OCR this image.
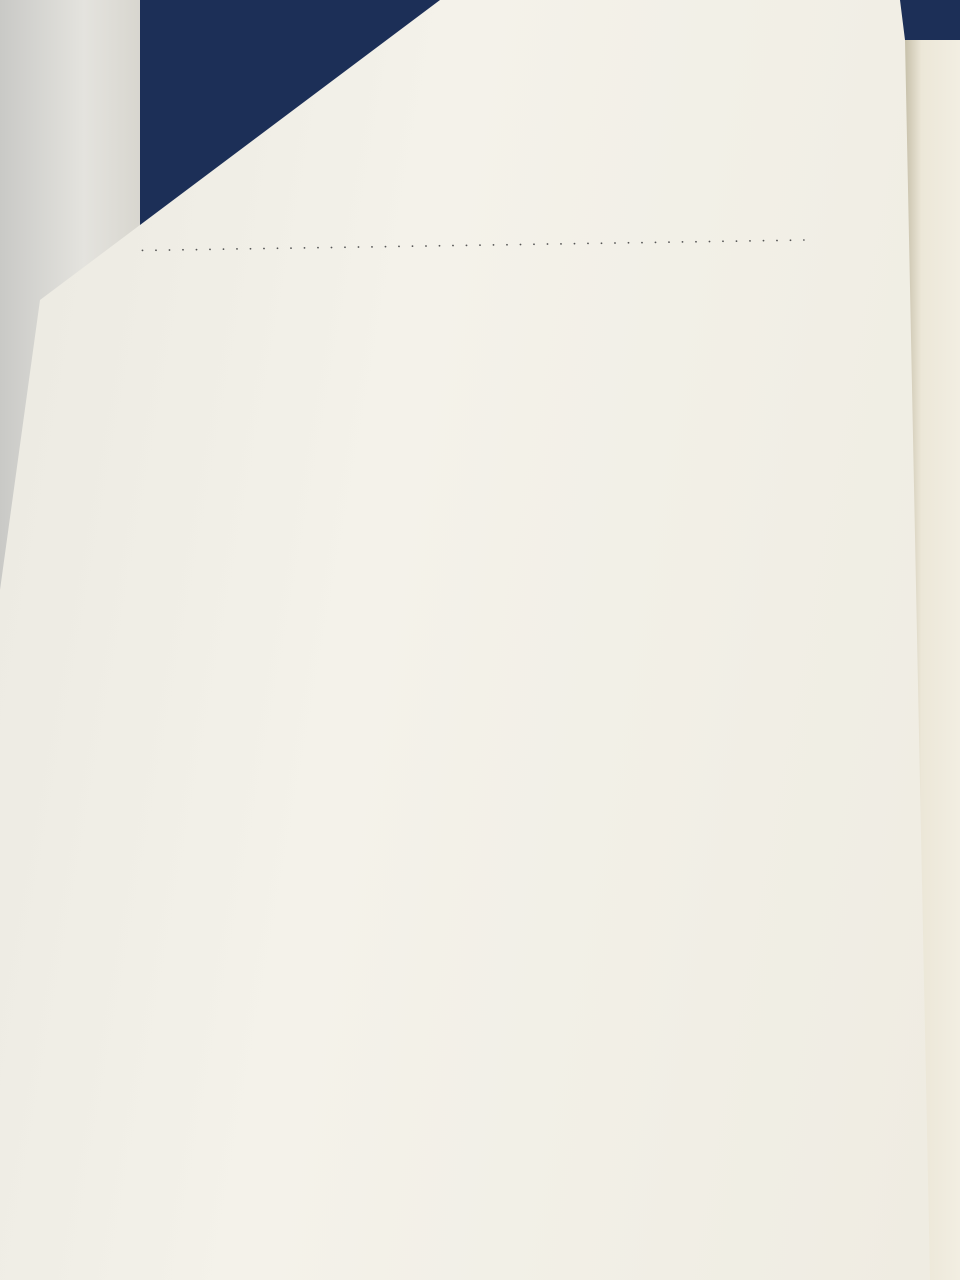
. . .
